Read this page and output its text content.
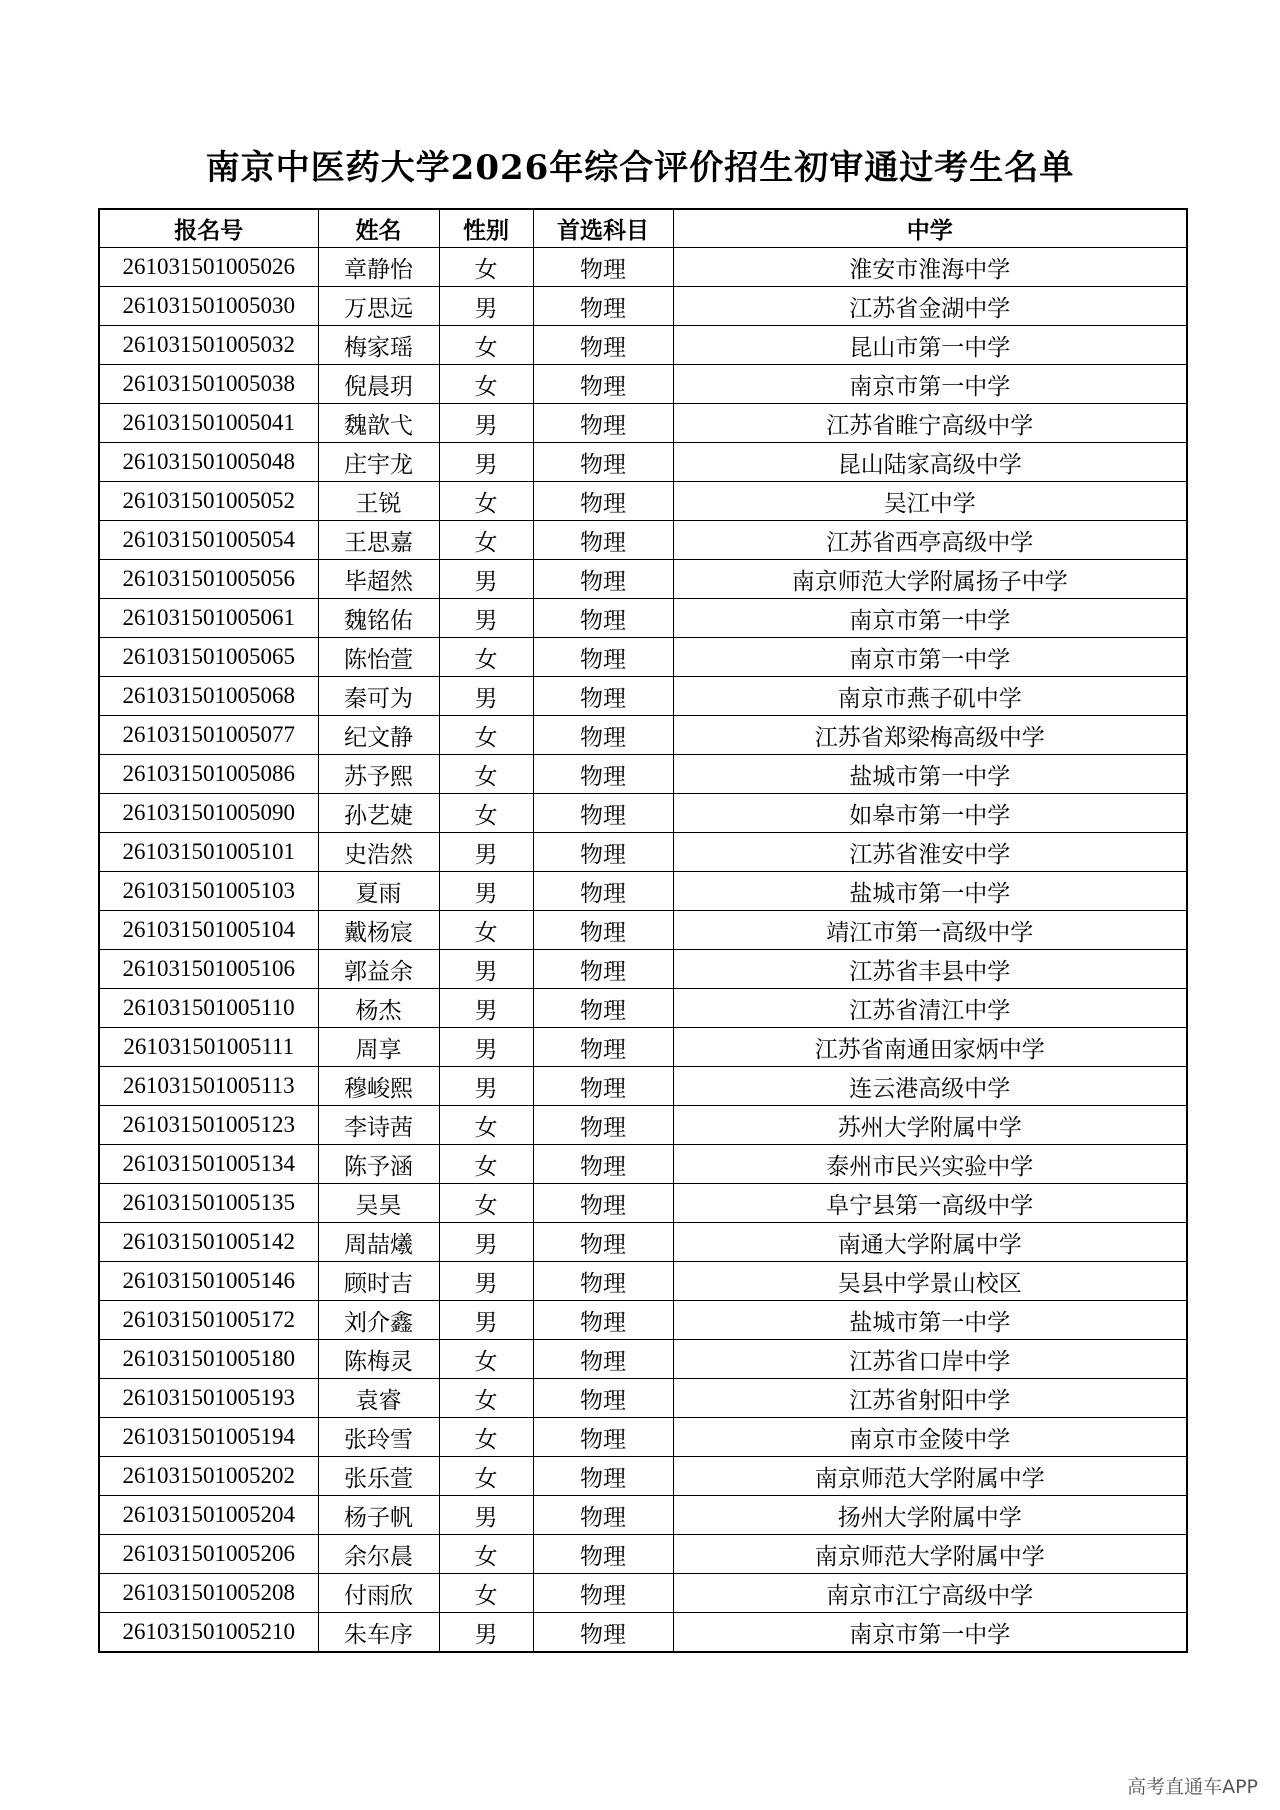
南京中医药大学2026年综合评价招生初审通过考生名单
报名号	姓名	性别	首选科目	中学
261031501005026	章静怡	女	物理	淮安市淮海中学
261031501005030	万思远	男	物理	江苏省金湖中学
261031501005032	梅家瑶	女	物理	昆山市第一中学
261031501005038	倪晨玥	女	物理	南京市第一中学
261031501005041	魏歆弋	男	物理	江苏省睢宁高级中学
261031501005048	庄宇龙	男	物理	昆山陆家高级中学
261031501005052	王锐	女	物理	吴江中学
261031501005054	王思嘉	女	物理	江苏省西亭高级中学
261031501005056	毕超然	男	物理	南京师范大学附属扬子中学
261031501005061	魏铭佑	男	物理	南京市第一中学
261031501005065	陈怡萱	女	物理	南京市第一中学
261031501005068	秦可为	男	物理	南京市燕子矶中学
261031501005077	纪文静	女	物理	江苏省郑梁梅高级中学
261031501005086	苏予熙	女	物理	盐城市第一中学
261031501005090	孙艺婕	女	物理	如皋市第一中学
261031501005101	史浩然	男	物理	江苏省淮安中学
261031501005103	夏雨	男	物理	盐城市第一中学
261031501005104	戴杨宸	女	物理	靖江市第一高级中学
261031501005106	郭益余	男	物理	江苏省丰县中学
261031501005110	杨杰	男	物理	江苏省清江中学
261031501005111	周享	男	物理	江苏省南通田家炳中学
261031501005113	穆峻熙	男	物理	连云港高级中学
261031501005123	李诗茜	女	物理	苏州大学附属中学
261031501005134	陈予涵	女	物理	泰州市民兴实验中学
261031501005135	吴昊	女	物理	阜宁县第一高级中学
261031501005142	周喆爔	男	物理	南通大学附属中学
261031501005146	顾时吉	男	物理	吴县中学景山校区
261031501005172	刘介鑫	男	物理	盐城市第一中学
261031501005180	陈梅灵	女	物理	江苏省口岸中学
261031501005193	袁睿	女	物理	江苏省射阳中学
261031501005194	张玲雪	女	物理	南京市金陵中学
261031501005202	张乐萱	女	物理	南京师范大学附属中学
261031501005204	杨子帆	男	物理	扬州大学附属中学
261031501005206	余尔晨	女	物理	南京师范大学附属中学
261031501005208	付雨欣	女	物理	南京市江宁高级中学
261031501005210	朱车序	男	物理	南京市第一中学
高考直通车APP
